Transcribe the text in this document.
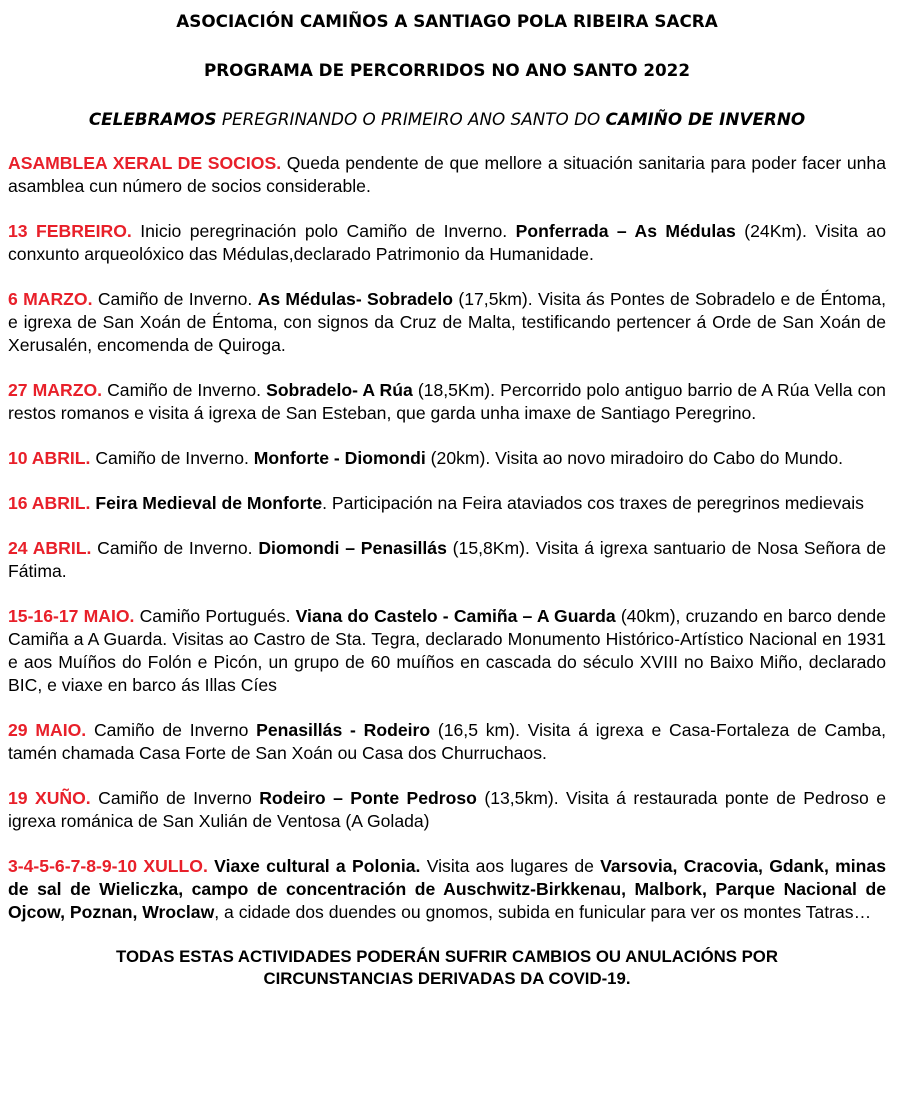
ASOCIACIÓN CAMIÑOS A SANTIAGO POLA RIBEIRA SACRA

PROGRAMA DE PERCORRIDOS NO ANO SANTO 2022

CELEBRAMOS PEREGRINANDO O PRIMEIRO ANO SANTO DO CAMIÑO DE INVERNO

ASAMBLEA XERAL DE SOCIOS. Queda pendente de que mellore a situación sanitaria para poder facer unha asamblea cun número de socios considerable.

13 FEBREIRO. Inicio peregrinación polo Camiño de Inverno. Ponferrada – As Médulas (24Km). Visita ao conxunto arqueolóxico das Médulas,declarado Patrimonio da Humanidade.

6 MARZO. Camiño de Inverno. As Médulas- Sobradelo (17,5km). Visita ás Pontes de Sobradelo e de Éntoma, e igrexa de San Xoán de Éntoma, con signos da Cruz de Malta, testificando pertencer á Orde de San Xoán de Xerusalén, encomenda de Quiroga.

27 MARZO. Camiño de Inverno. Sobradelo- A Rúa (18,5Km). Percorrido polo antiguo barrio de A Rúa Vella con restos romanos e visita á igrexa de San Esteban, que garda unha imaxe de Santiago Peregrino.

10 ABRIL. Camiño de Inverno. Monforte - Diomondi (20km). Visita ao novo miradoiro do Cabo do Mundo.

16 ABRIL. Feira Medieval de Monforte. Participación na Feira ataviados cos traxes de peregrinos medievais

24 ABRIL. Camiño de Inverno. Diomondi – Penasillás (15,8Km). Visita á igrexa santuario de Nosa Señora de Fátima.

15-16-17 MAIO. Camiño Portugués. Viana do Castelo - Camiña – A Guarda (40km), cruzando en barco dende Camiña a A Guarda. Visitas ao Castro de Sta. Tegra, declarado Monumento Histórico-Artístico Nacional en 1931 e aos Muíños do Folón e Picón, un grupo de 60 muíños en cascada do século XVIII no Baixo Miño, declarado BIC, e viaxe en barco ás Illas Cíes

29 MAIO. Camiño de Inverno Penasillás - Rodeiro (16,5 km). Visita á igrexa e Casa-Fortaleza de Camba, tamén chamada Casa Forte de San Xoán ou Casa dos Churruchaos.

19 XUÑO. Camiño de Inverno Rodeiro – Ponte Pedroso (13,5km). Visita á restaurada ponte de Pedroso e igrexa románica de San Xulián de Ventosa (A Golada)

3-4-5-6-7-8-9-10 XULLO. Viaxe cultural a Polonia. Visita aos lugares de Varsovia, Cracovia, Gdank, minas de sal de Wieliczka, campo de concentración de Auschwitz-Birkkenau, Malbork, Parque Nacional de Ojcow, Poznan, Wroclaw, a cidade dos duendes ou gnomos, subida en funicular para ver os montes Tatras…

TODAS ESTAS ACTIVIDADES PODERÁN SUFRIR CAMBIOS OU ANULACIÓNS POR
CIRCUNSTANCIAS DERIVADAS DA COVID-19.
